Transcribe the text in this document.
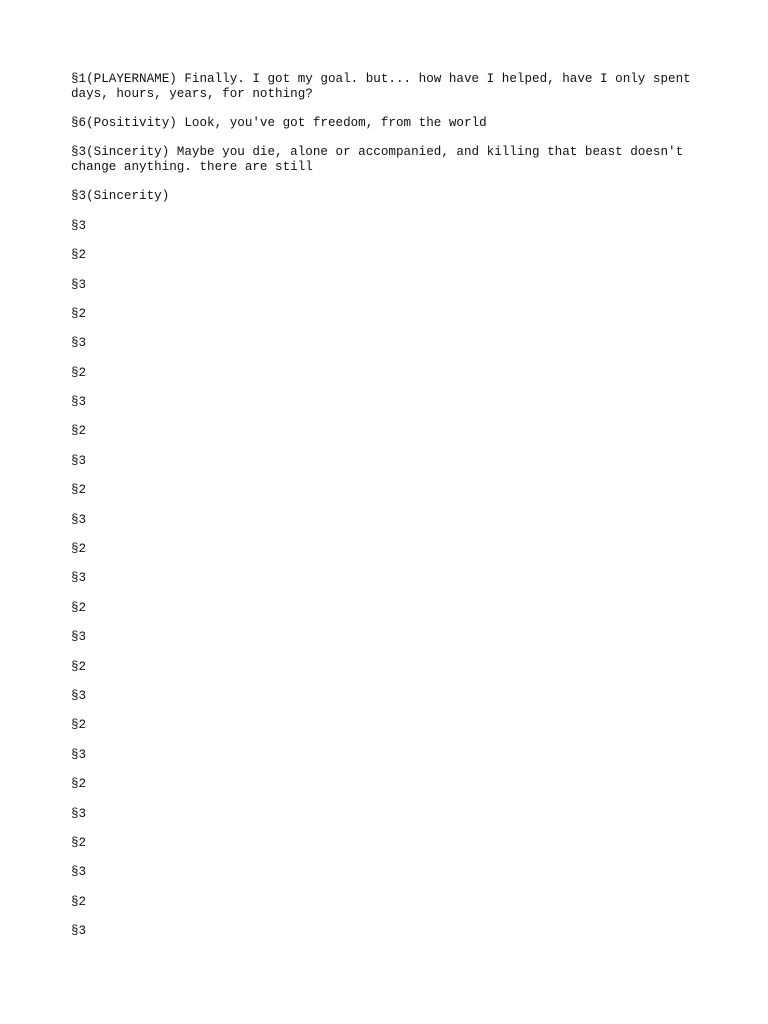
§1(PLAYERNAME) Finally. I got my goal. but... how have I helped, have I only spent
days, hours, years, for nothing?

§6(Positivity) Look, you've got freedom, from the world

§3(Sincerity) Maybe you die, alone or accompanied, and killing that beast doesn't
change anything. there are still

§3(Sincerity)

§3

§2

§3

§2

§3

§2

§3

§2

§3

§2

§3

§2

§3

§2

§3

§2

§3

§2

§3

§2

§3

§2

§3

§2

§3
